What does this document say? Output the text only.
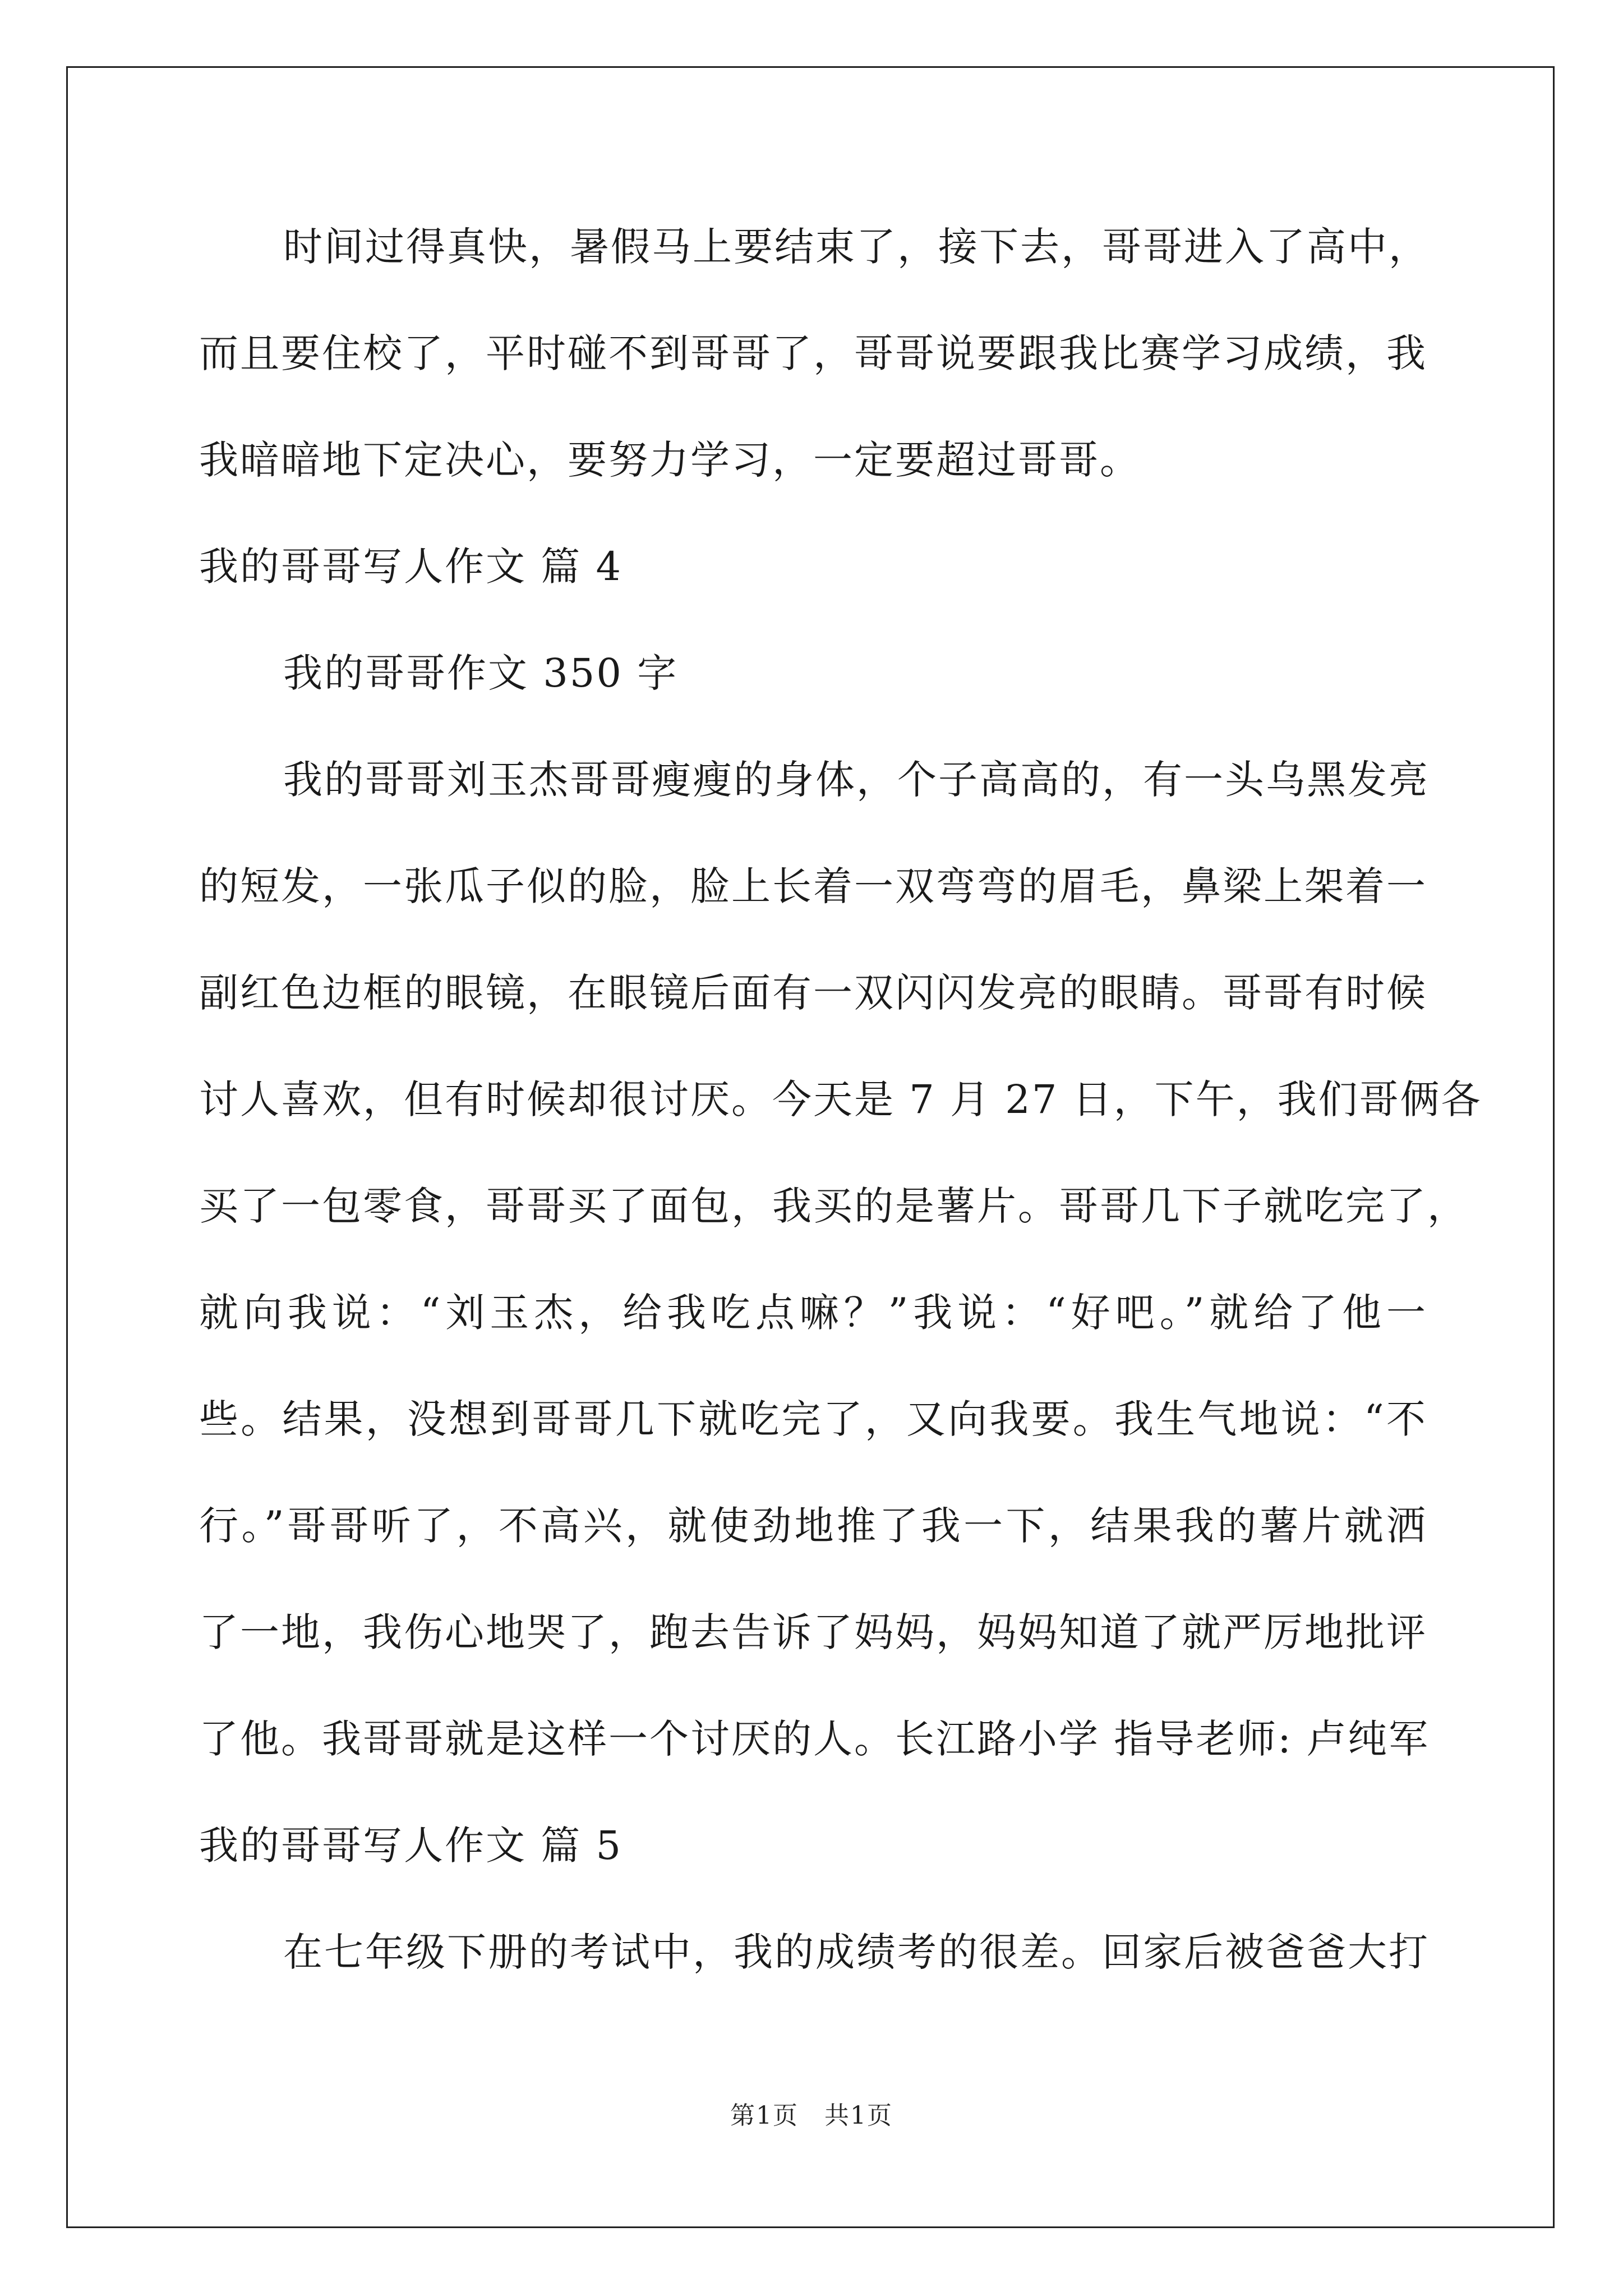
时间过得真快，暑假马上要结束了，接下去，哥哥进入了高中，
而且要住校了，平时碰不到哥哥了，哥哥说要跟我比赛学习成绩，我
我暗暗地下定决心，要努力学习，一定要超过哥哥。
我的哥哥写人作文 篇 4
我的哥哥作文 350 字
我的哥哥刘玉杰哥哥瘦瘦的身体，个子高高的，有一头乌黑发亮
的短发，一张瓜子似的脸，脸上长着一双弯弯的眉毛，鼻梁上架着一
副红色边框的眼镜，在眼镜后面有一双闪闪发亮的眼睛。哥哥有时候
讨人喜欢，但有时候却很讨厌。今天是 7 月 27 日，下午，我们哥俩各
买了一包零食，哥哥买了面包，我买的是薯片。哥哥几下子就吃完了，
就向我说：“刘玉杰，给我吃点嘛？”我说：“好吧。”就给了他一
些。结果，没想到哥哥几下就吃完了，又向我要。我生气地说：“不
行。”哥哥听了，不高兴，就使劲地推了我一下，结果我的薯片就洒
了一地，我伤心地哭了，跑去告诉了妈妈，妈妈知道了就严厉地批评
了他。我哥哥就是这样一个讨厌的人。长江路小学 指导老师: 卢纯军
我的哥哥写人作文 篇 5
在七年级下册的考试中，我的成绩考的很差。回家后被爸爸大打
第1页　共1页
